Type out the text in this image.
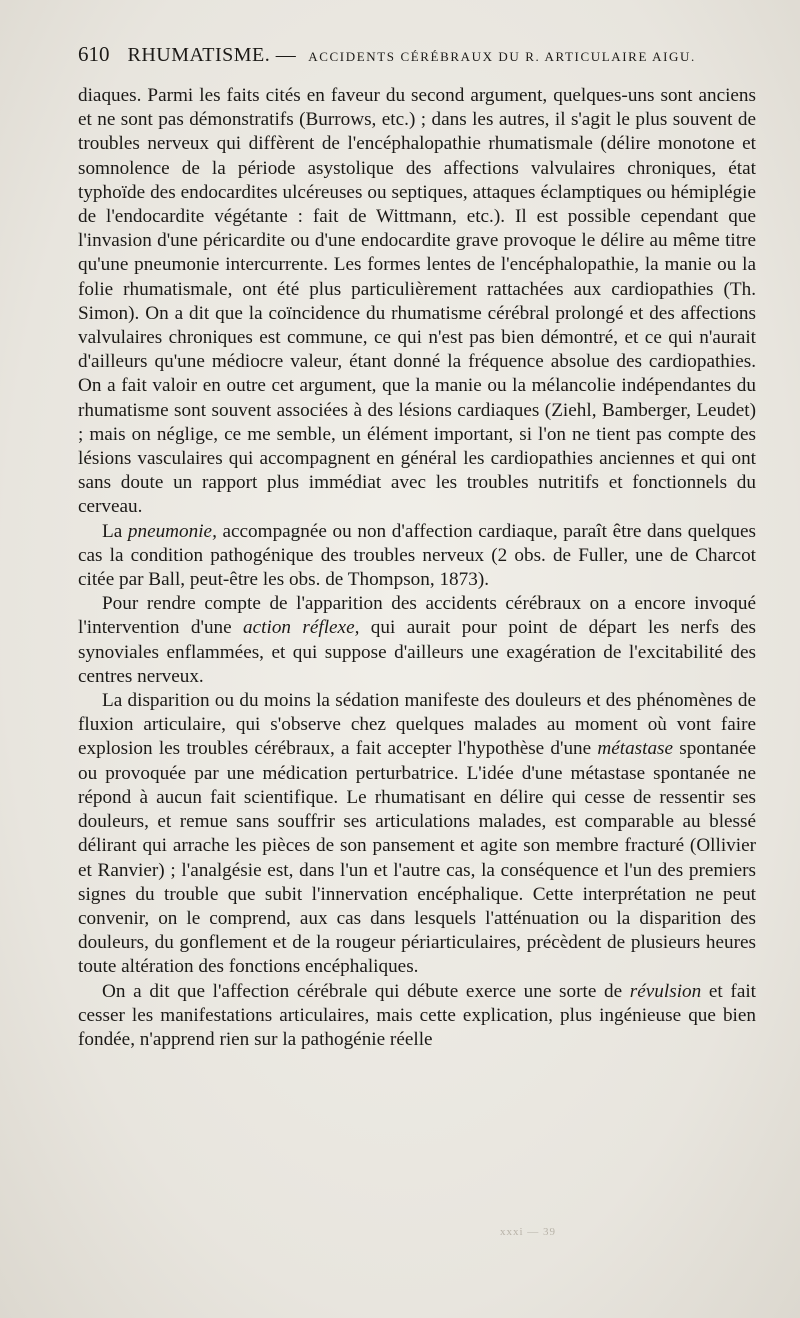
610 RHUMATISME. — ACCIDENTS CÉRÉBRAUX DU R. ARTICULAIRE AIGU.

diaques. Parmi les faits cités en faveur du second argument, quelques-uns sont anciens et ne sont pas démonstratifs (Burrows, etc.) ; dans les autres, il s'agit le plus souvent de troubles nerveux qui diffèrent de l'encéphalopathie rhumatismale (délire monotone et somnolence de la période asystolique des affections valvulaires chroniques, état typhoïde des endocardites ulcéreuses ou septiques, attaques éclamptiques ou hémiplégie de l'endocardite végétante : fait de Wittmann, etc.). Il est possible cependant que l'invasion d'une péricardite ou d'une endocardite grave provoque le délire au même titre qu'une pneumonie intercurrente. Les formes lentes de l'encéphalopathie, la manie ou la folie rhumatismale, ont été plus particulièrement rattachées aux cardiopathies (Th. Simon). On a dit que la coïncidence du rhumatisme cérébral prolongé et des affections valvulaires chroniques est commune, ce qui n'est pas bien démontré, et ce qui n'aurait d'ailleurs qu'une médiocre valeur, étant donné la fréquence absolue des cardiopathies. On a fait valoir en outre cet argument, que la manie ou la mélancolie indépendantes du rhumatisme sont souvent associées à des lésions cardiaques (Ziehl, Bamberger, Leudet) ; mais on néglige, ce me semble, un élément important, si l'on ne tient pas compte des lésions vasculaires qui accompagnent en général les cardiopathies anciennes et qui ont sans doute un rapport plus immédiat avec les troubles nutritifs et fonctionnels du cerveau.

La pneumonie, accompagnée ou non d'affection cardiaque, paraît être dans quelques cas la condition pathogénique des troubles nerveux (2 obs. de Fuller, une de Charcot citée par Ball, peut-être les obs. de Thompson, 1873).

Pour rendre compte de l'apparition des accidents cérébraux on a encore invoqué l'intervention d'une action réflexe, qui aurait pour point de départ les nerfs des synoviales enflammées, et qui suppose d'ailleurs une exagération de l'excitabilité des centres nerveux.

La disparition ou du moins la sédation manifeste des douleurs et des phénomènes de fluxion articulaire, qui s'observe chez quelques malades au moment où vont faire explosion les troubles cérébraux, a fait accepter l'hypothèse d'une métastase spontanée ou provoquée par une médication perturbatrice. L'idée d'une métastase spontanée ne répond à aucun fait scientifique. Le rhumatisant en délire qui cesse de ressentir ses douleurs, et remue sans souffrir ses articulations malades, est comparable au blessé délirant qui arrache les pièces de son pansement et agite son membre fracturé (Ollivier et Ranvier) ; l'analgésie est, dans l'un et l'autre cas, la conséquence et l'un des premiers signes du trouble que subit l'innervation encéphalique. Cette interprétation ne peut convenir, on le comprend, aux cas dans lesquels l'atténuation ou la disparition des douleurs, du gonflement et de la rougeur périarticulaires, précèdent de plusieurs heures toute altération des fonctions encéphaliques.

On a dit que l'affection cérébrale qui débute exerce une sorte de révulsion et fait cesser les manifestations articulaires, mais cette explication, plus ingénieuse que bien fondée, n'apprend rien sur la pathogénie réelle

xxxi — 39
